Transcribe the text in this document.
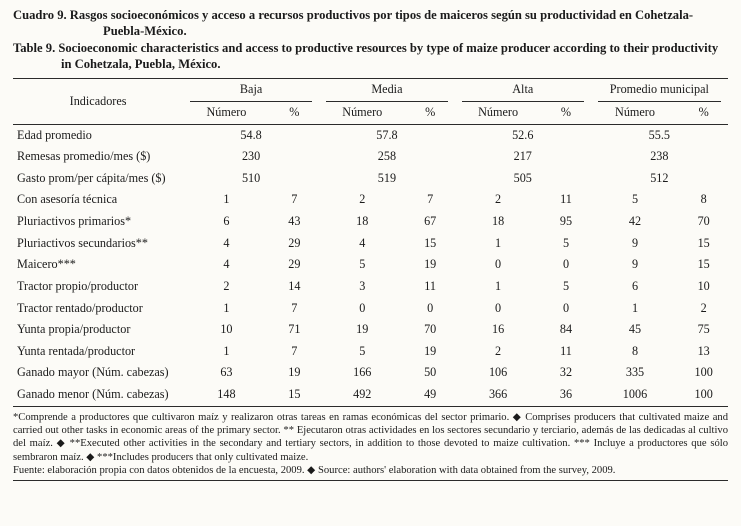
Cuadro 9. Rasgos socioeconómicos y acceso a recursos productivos por tipos de maiceros según su productividad en Cohetzala-Puebla-México.
Table 9. Socioeconomic characteristics and access to productive resources by type of maize producer according to their productivity in Cohetzala, Puebla, México.
Indicadores	Baja		Media		Alta		Promedio municipal	
	Número	%	Número	%	Número	%	Número	%
Edad promedio	54.8		57.8		52.6		55.5	
Remesas promedio/mes ($)	230		258		217		238	
Gasto prom/per cápita/mes ($)	510		519		505		512	
Con asesoría técnica	1	7	2	7	2	11	5	8
Pluriactivos primarios*	6	43	18	67	18	95	42	70
Pluriactivos secundarios**	4	29	4	15	1	5	9	15
Maicero***	4	29	5	19	0	0	9	15
Tractor propio/productor	2	14	3	11	1	5	6	10
Tractor rentado/productor	1	7	0	0	0	0	1	2
Yunta propia/productor	10	71	19	70	16	84	45	75
Yunta rentada/productor	1	7	5	19	2	11	8	13
Ganado mayor (Núm. cabezas)	63	19	166	50	106	32	335	100
Ganado menor (Núm. cabezas)	148	15	492	49	366	36	1006	100
*Comprende a productores que cultivaron maíz y realizaron otras tareas en ramas económicas del sector primario. ◆ Comprises producers that cultivated maize and carried out other tasks in economic areas of the primary sector. ** Ejecutaron otras actividades en los sectores secundario y terciario, además de las dedicadas al cultivo del maíz. ◆ **Executed other activities in the secondary and tertiary sectors, in addition to those devoted to maize cultivation. *** Incluye a productores que sólo sembraron maíz. ◆ ***Includes producers that only cultivated maize.
Fuente: elaboración propia con datos obtenidos de la encuesta, 2009. ◆ Source: authors' elaboration with data obtained from the survey, 2009.
